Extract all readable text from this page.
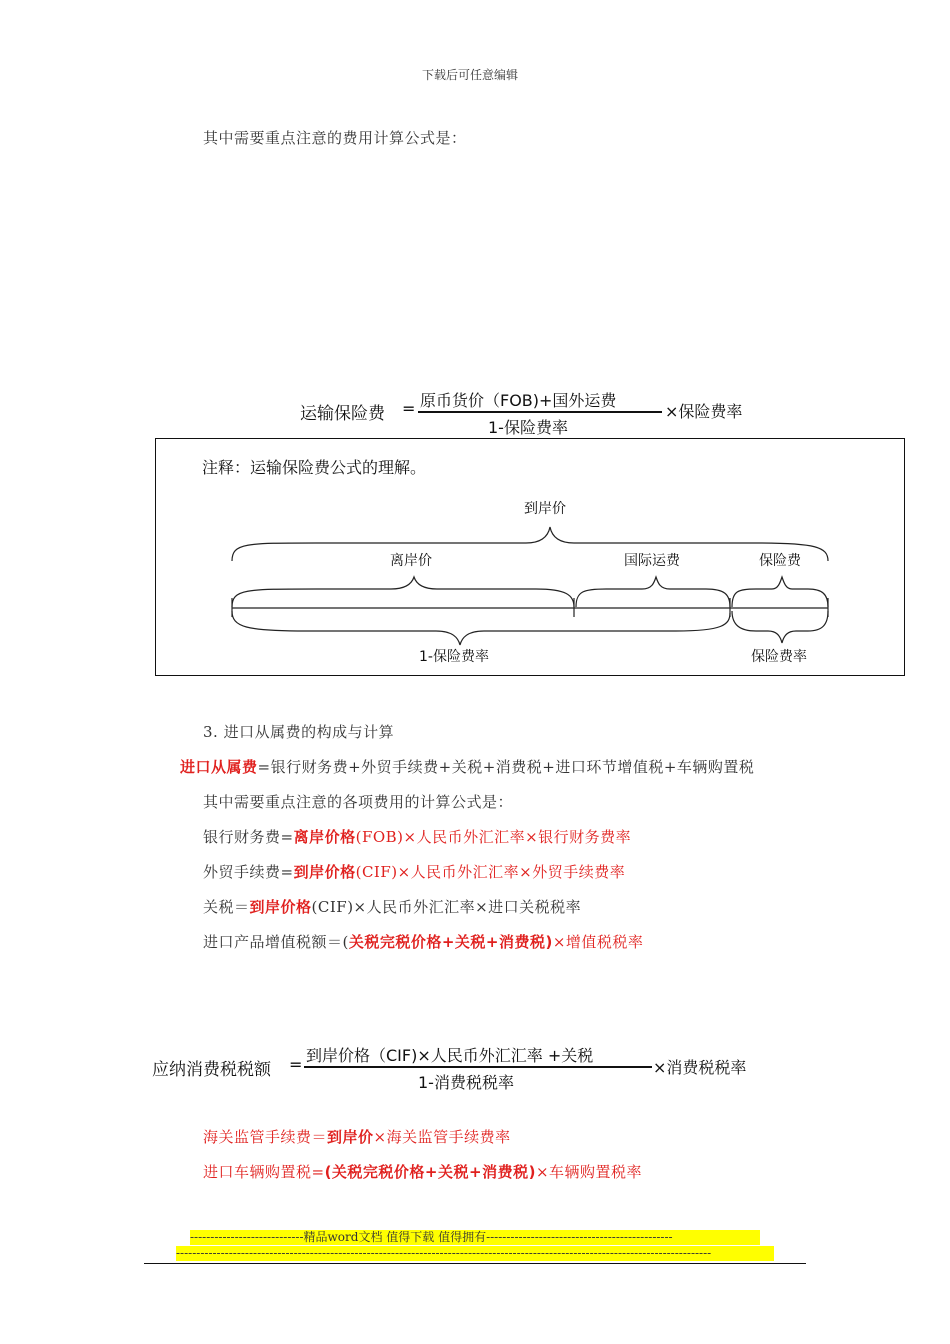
下载后可任意编辑
其中需要重点注意的费用计算公式是：
运输保险费 = 原币货价（FOB)+国外运费
1-保险费率
×保险费率
注释：运输保险费公式的理解。
到岸价
离岸价	国际运费	保险费
1-保险费率	保险费率
3. 进口从属费的构成与计算
进口从属费=银行财务费+外贸手续费+关税+消费税+进口环节增值税+车辆购置税
其中需要重点注意的各项费用的计算公式是：
银行财务费=离岸价格(FOB)×人民币外汇汇率×银行财务费率
外贸手续费=到岸价格(CIF)×人民币外汇汇率×外贸手续费率
关税＝到岸价格(CIF)×人民币外汇汇率×进口关税税率
进口产品增值税额＝(关税完税价格+关税+消费税)×增值税税率
应纳消费税税额 = 到岸价格（CIF)×人民币外汇汇率 +关税
1-消费税税率
×消费税税率
海关监管手续费＝到岸价×海关监管手续费率
进口车辆购置税=(关税完税价格+关税+消费税)×车辆购置税率
----------------------------精品word文档 值得下载 值得拥有----------------------------------------------
------------------------------------------------------------------------------------------------------------------------------------
